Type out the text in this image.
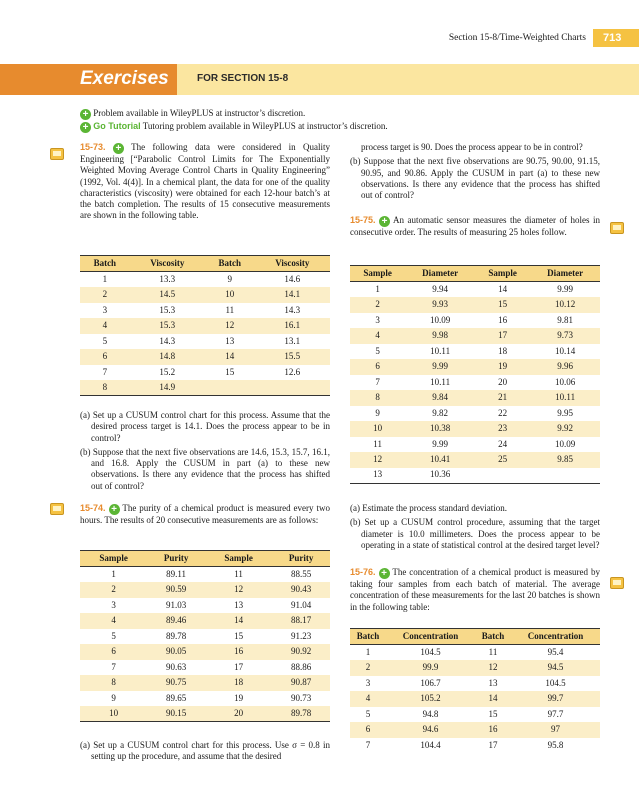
Section 15-8/Time-Weighted Charts	713
Exercises	FOR SECTION 15-8
+ Problem available in WileyPLUS at instructor’s discretion.
+ Go Tutorial Tutoring problem available in WileyPLUS at instructor’s discretion.

15-73. + The following data were considered in Quality Engineering [“Parabolic Control Limits for The Exponentially Weighted Moving Average Control Charts in Quality Engineering” (1992, Vol. 4(4)]. In a chemical plant, the data for one of the quality characteristics (viscosity) were obtained for each 12-hour batch’s at the batch completion. The results of 15 consecutive measurements are shown in the following table.

Batch	Viscosity	Batch	Viscosity
1	13.3	9	14.6
2	14.5	10	14.1
3	15.3	11	14.3
4	15.3	12	16.1
5	14.3	13	13.1
6	14.8	14	15.5
7	15.2	15	12.6
8	14.9		

(a) Set up a CUSUM control chart for this process. Assume that the desired process target is 14.1. Does the process appear to be in control?

(b) Suppose that the next five observations are 14.6, 15.3, 15.7, 16.1, and 16.8. Apply the CUSUM in part (a) to these new observations. Is there any evidence that the process has shifted out of control?

15-74. + The purity of a chemical product is measured every two hours. The results of 20 consecutive measurements are as follows:

Sample	Purity	Sample	Purity
1	89.11	11	88.55
2	90.59	12	90.43
3	91.03	13	91.04
4	89.46	14	88.17
5	89.78	15	91.23
6	90.05	16	90.92
7	90.63	17	88.86
8	90.75	18	90.87
9	89.65	19	90.73
10	90.15	20	89.78

(a) Set up a CUSUM control chart for this process. Use σ = 0.8 in setting up the procedure, and assume that the desired

process target is 90. Does the process appear to be in control?

(b) Suppose that the next five observations are 90.75, 90.00, 91.15, 90.95, and 90.86. Apply the CUSUM in part (a) to these new observations. Is there any evidence that the process has shifted out of control?

15-75. + An automatic sensor measures the diameter of holes in consecutive order. The results of measuring 25 holes follow.

Sample	Diameter	Sample	Diameter
1	9.94	14	9.99
2	9.93	15	10.12
3	10.09	16	9.81
4	9.98	17	9.73
5	10.11	18	10.14
6	9.99	19	9.96
7	10.11	20	10.06
8	9.84	21	10.11
9	9.82	22	9.95
10	10.38	23	9.92
11	9.99	24	10.09
12	10.41	25	9.85
13	10.36		

(a) Estimate the process standard deviation.

(b) Set up a CUSUM control procedure, assuming that the target diameter is 10.0 millimeters. Does the process appear to be operating in a state of statistical control at the desired target level?

15-76. + The concentration of a chemical product is measured by taking four samples from each batch of material. The average concentration of these measurements for the last 20 batches is shown in the following table:

Batch	Concentration	Batch	Concentration
1	104.5	11	95.4
2	99.9	12	94.5
3	106.7	13	104.5
4	105.2	14	99.7
5	94.8	15	97.7
6	94.6	16	97
7	104.4	17	95.8
